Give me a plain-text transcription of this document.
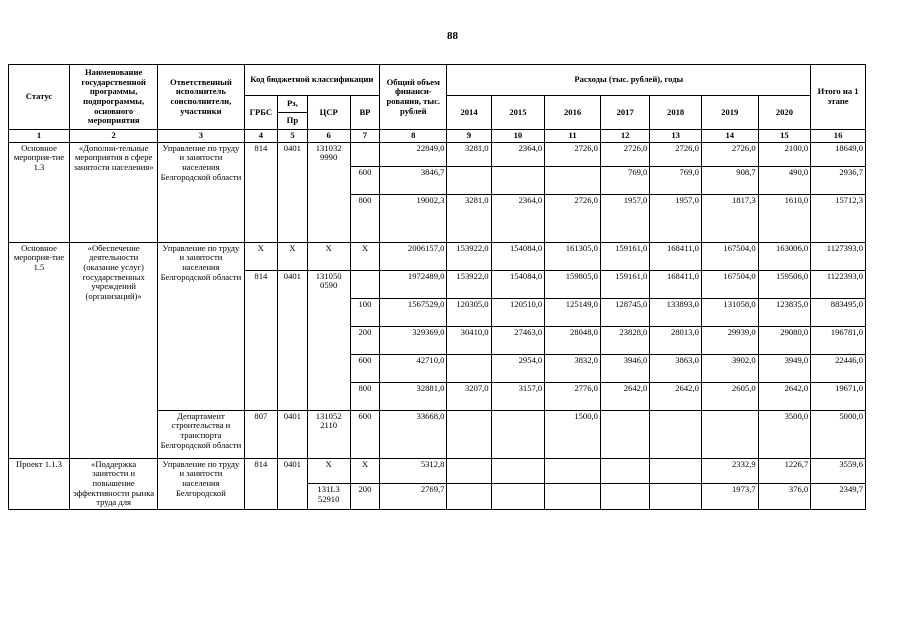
88
Статус	Наименование государственной программы, подпрограммы, основного мероприятия	Ответственный исполнитель соисполнители, участники	Код бюджетной классификации				Общий объем финанси-рования, тыс. рублей	Расходы (тыс. рублей), годы							Итого на 1 этапе
			ГРБС	Рз,	ЦСР	ВР		2014	2015	2016	2017	2018	2019	2020	
				Пр											
1	2	3	4	5	6	7	8	9	10	11	12	13	14	15	16
Основное мероприя-тие 1.3	«Дополни-тельные мероприятия в сфере занятости населения»	Управление по труду и занятости населения Белгородской области	814	0401	131032 9990		22849,0	3281,0	2364,0	2726,0	2726,0	2726,0	2726,0	2100,0	18649,0
						600	3846,7				769,0	769,0	908,7	490,0	2936,7
						800	19002,3	3281,0	2364,0	2726,0	1957,0	1957,0	1817,3	1610,0	15712,3
Основное мероприя-тие 1.5	«Обеспечение деятельности (оказание услуг) государственных учреждений (организаций)»	Управление по труду и занятости населения Белгородской области	Х	Х	Х	Х	2006157,0	153922,0	154084,0	161305,0	159161,0	168411,0	167504,0	163006,0	1127393,0
			814	0401	131050 0590		1972489,0	153922,0	154084,0	159805,0	159161,0	168411,0	167504,0	159506,0	1122393,0
						100	1567529,0	120305,0	120510,0	125149,0	128745,0	133893,0	131058,0	123835,0	883495,0
						200	329369,0	30410,0	27463,0	28048,0	23828,0	28013,0	29939,0	29080,0	196781,0
						600	42710,0		2954,0	3832,0	3946,0	3863,0	3902,0	3949,0	22446,0
						800	32881,0	3207,0	3157,0	2776,0	2642,0	2642,0	2605,0	2642,0	19671,0
		Департамент строительства и транспорта Белгородской области	807	0401	131052 2110	600	33668,0			1500,0				3500,0	5000,0
Проект 1.1.3	«Поддержка занятости и повышение эффективности рынка труда для	Управление по труду и занятости населения Белгородской	814	0401	Х	Х	5312,8						2332,9	1226,7	3559,6
					131L3 52910	200	2769,7						1973,7	376,0	2349,7
